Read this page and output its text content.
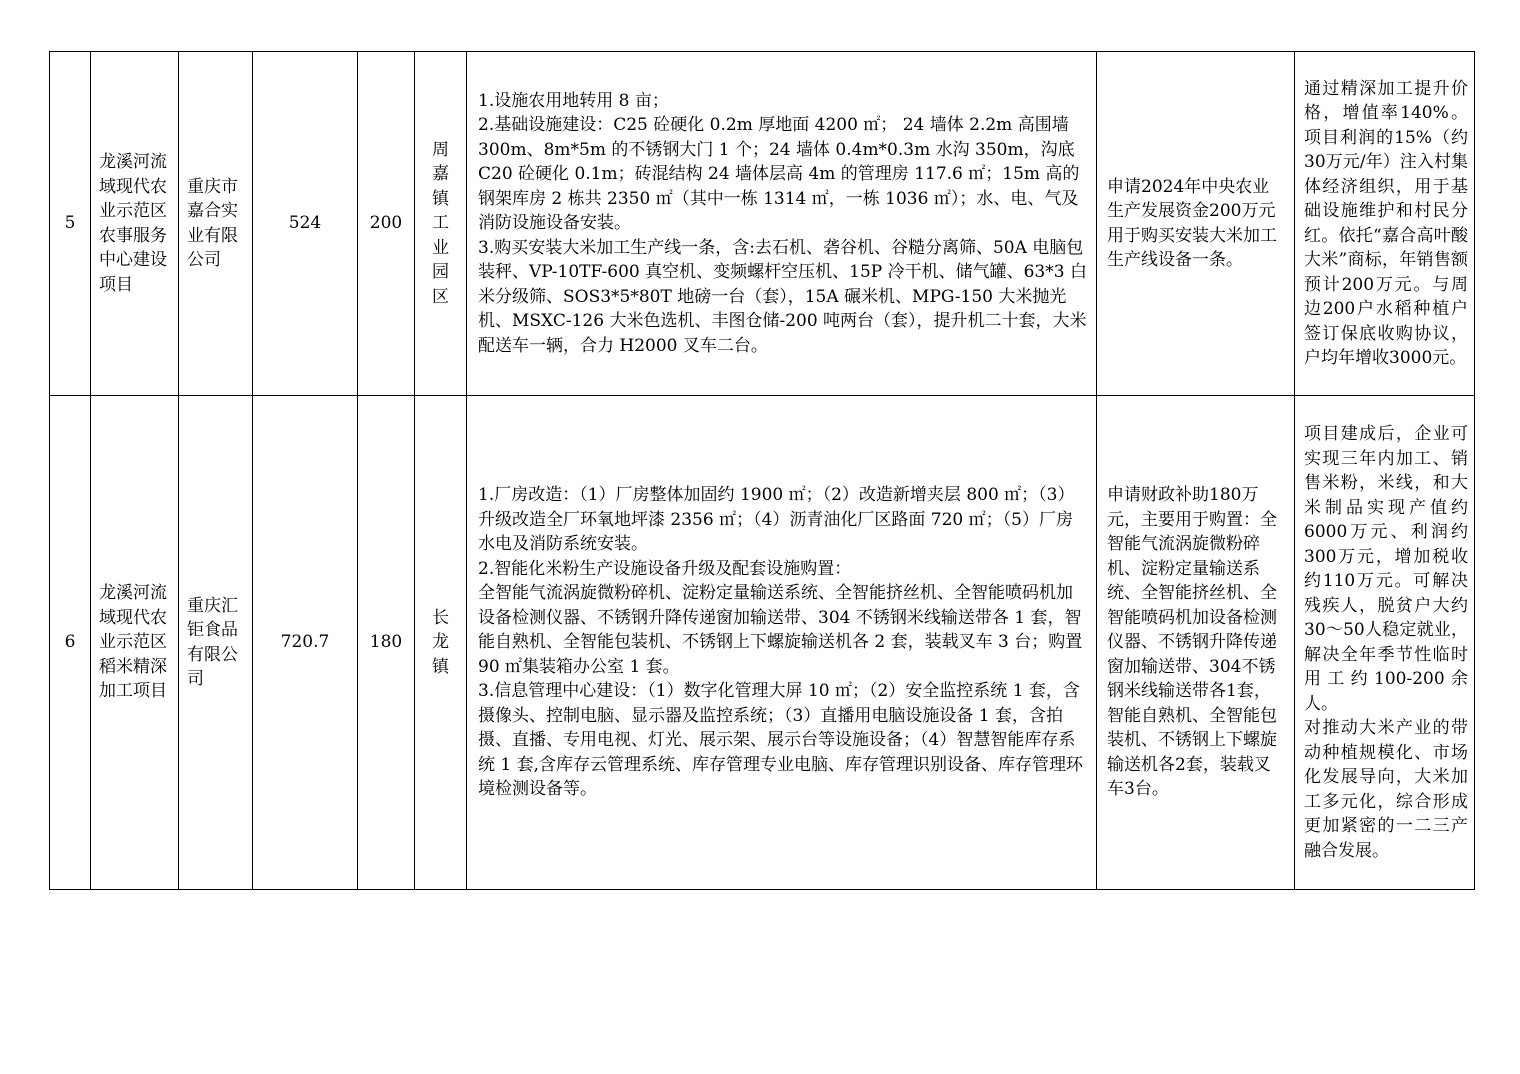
5	龙溪河流域现代农业示范区农事服务中心建设项目	重庆市嘉合实业有限公司	524	200	周嘉镇工业园区	1.设施农用地转用 8 亩；
2.基础设施建设：C25 砼硬化 0.2m 厚地面 4200 ㎡； 24 墙体 2.2m 高围墙 300m、8m*5m 的不锈钢大门 1 个；24 墙体 0.4m*0.3m 水沟 350m，沟底 C20 砼硬化 0.1m；砖混结构 24 墙体层高 4m 的管理房 117.6 ㎡；15m 高的钢架库房 2 栋共 2350 ㎡（其中一栋 1314 ㎡，一栋 1036 ㎡）；水、电、气及消防设施设备安装。
3.购买安装大米加工生产线一条，含:去石机、砻谷机、谷糙分离筛、50A 电脑包装秤、VP-10TF-600 真空机、变频螺杆空压机、15P 冷干机、储气罐、63*3 白米分级筛、SOS3*5*80T 地磅一台（套），15A 碾米机、MPG-150 大米抛光机、MSXC-126 大米色选机、丰图仓储-200 吨两台（套），提升机二十套，大米配送车一辆，合力 H2000 叉车二台。	申请2024年中央农业生产发展资金200万元用于购买安装大米加工生产线设备一条。	通过精深加工提升价格，增值率140%。项目利润的15%（约30万元/年）注入村集体经济组织，用于基础设施维护和村民分红。依托“嘉合高叶酸大米”商标，年销售额预计200万元。与周边200户水稻种植户签订保底收购协议，户均年增收3000元。
6	龙溪河流域现代农业示范区稻米精深加工项目	重庆汇钜食品有限公司	720.7	180	长龙镇	1.厂房改造：（1）厂房整体加固约 1900 ㎡；（2）改造新增夹层 800 ㎡；（3）升级改造全厂环氧地坪漆 2356 ㎡；（4）沥青油化厂区路面 720 ㎡；（5）厂房水电及消防系统安装。
2.智能化米粉生产设施设备升级及配套设施购置：
全智能气流涡旋微粉碎机、淀粉定量输送系统、全智能挤丝机、全智能喷码机加设备检测仪器、不锈钢升降传递窗加输送带、304 不锈钢米线输送带各 1 套，智能自熟机、全智能包装机、不锈钢上下螺旋输送机各 2 套，装载叉车 3 台；购置 90 ㎡集装箱办公室 1 套。
3.信息管理中心建设：（1）数字化管理大屏 10 ㎡；（2）安全监控系统 1 套，含摄像头、控制电脑、显示器及监控系统；（3）直播用电脑设施设备 1 套，含拍摄、直播、专用电视、灯光、展示架、展示台等设施设备；（4）智慧智能库存系统 1 套,含库存云管理系统、库存管理专业电脑、库存管理识别设备、库存管理环境检测设备等。	申请财政补助180万元，主要用于购置：全智能气流涡旋微粉碎机、淀粉定量输送系统、全智能挤丝机、全智能喷码机加设备检测仪器、不锈钢升降传递窗加输送带、304不锈钢米线输送带各1套，智能自熟机、全智能包装机、不锈钢上下螺旋输送机各2套，装载叉车3台。	项目建成后，企业可实现三年内加工、销售米粉，米线，和大米制品实现产值约6000万元、利润约300万元，增加税收约110万元。可解决残疾人，脱贫户大约30～50人稳定就业，解决全年季节性临时用工约100-200余人。
对推动大米产业的带动种植规模化、市场化发展导向，大米加工多元化，综合形成更加紧密的一二三产融合发展。
